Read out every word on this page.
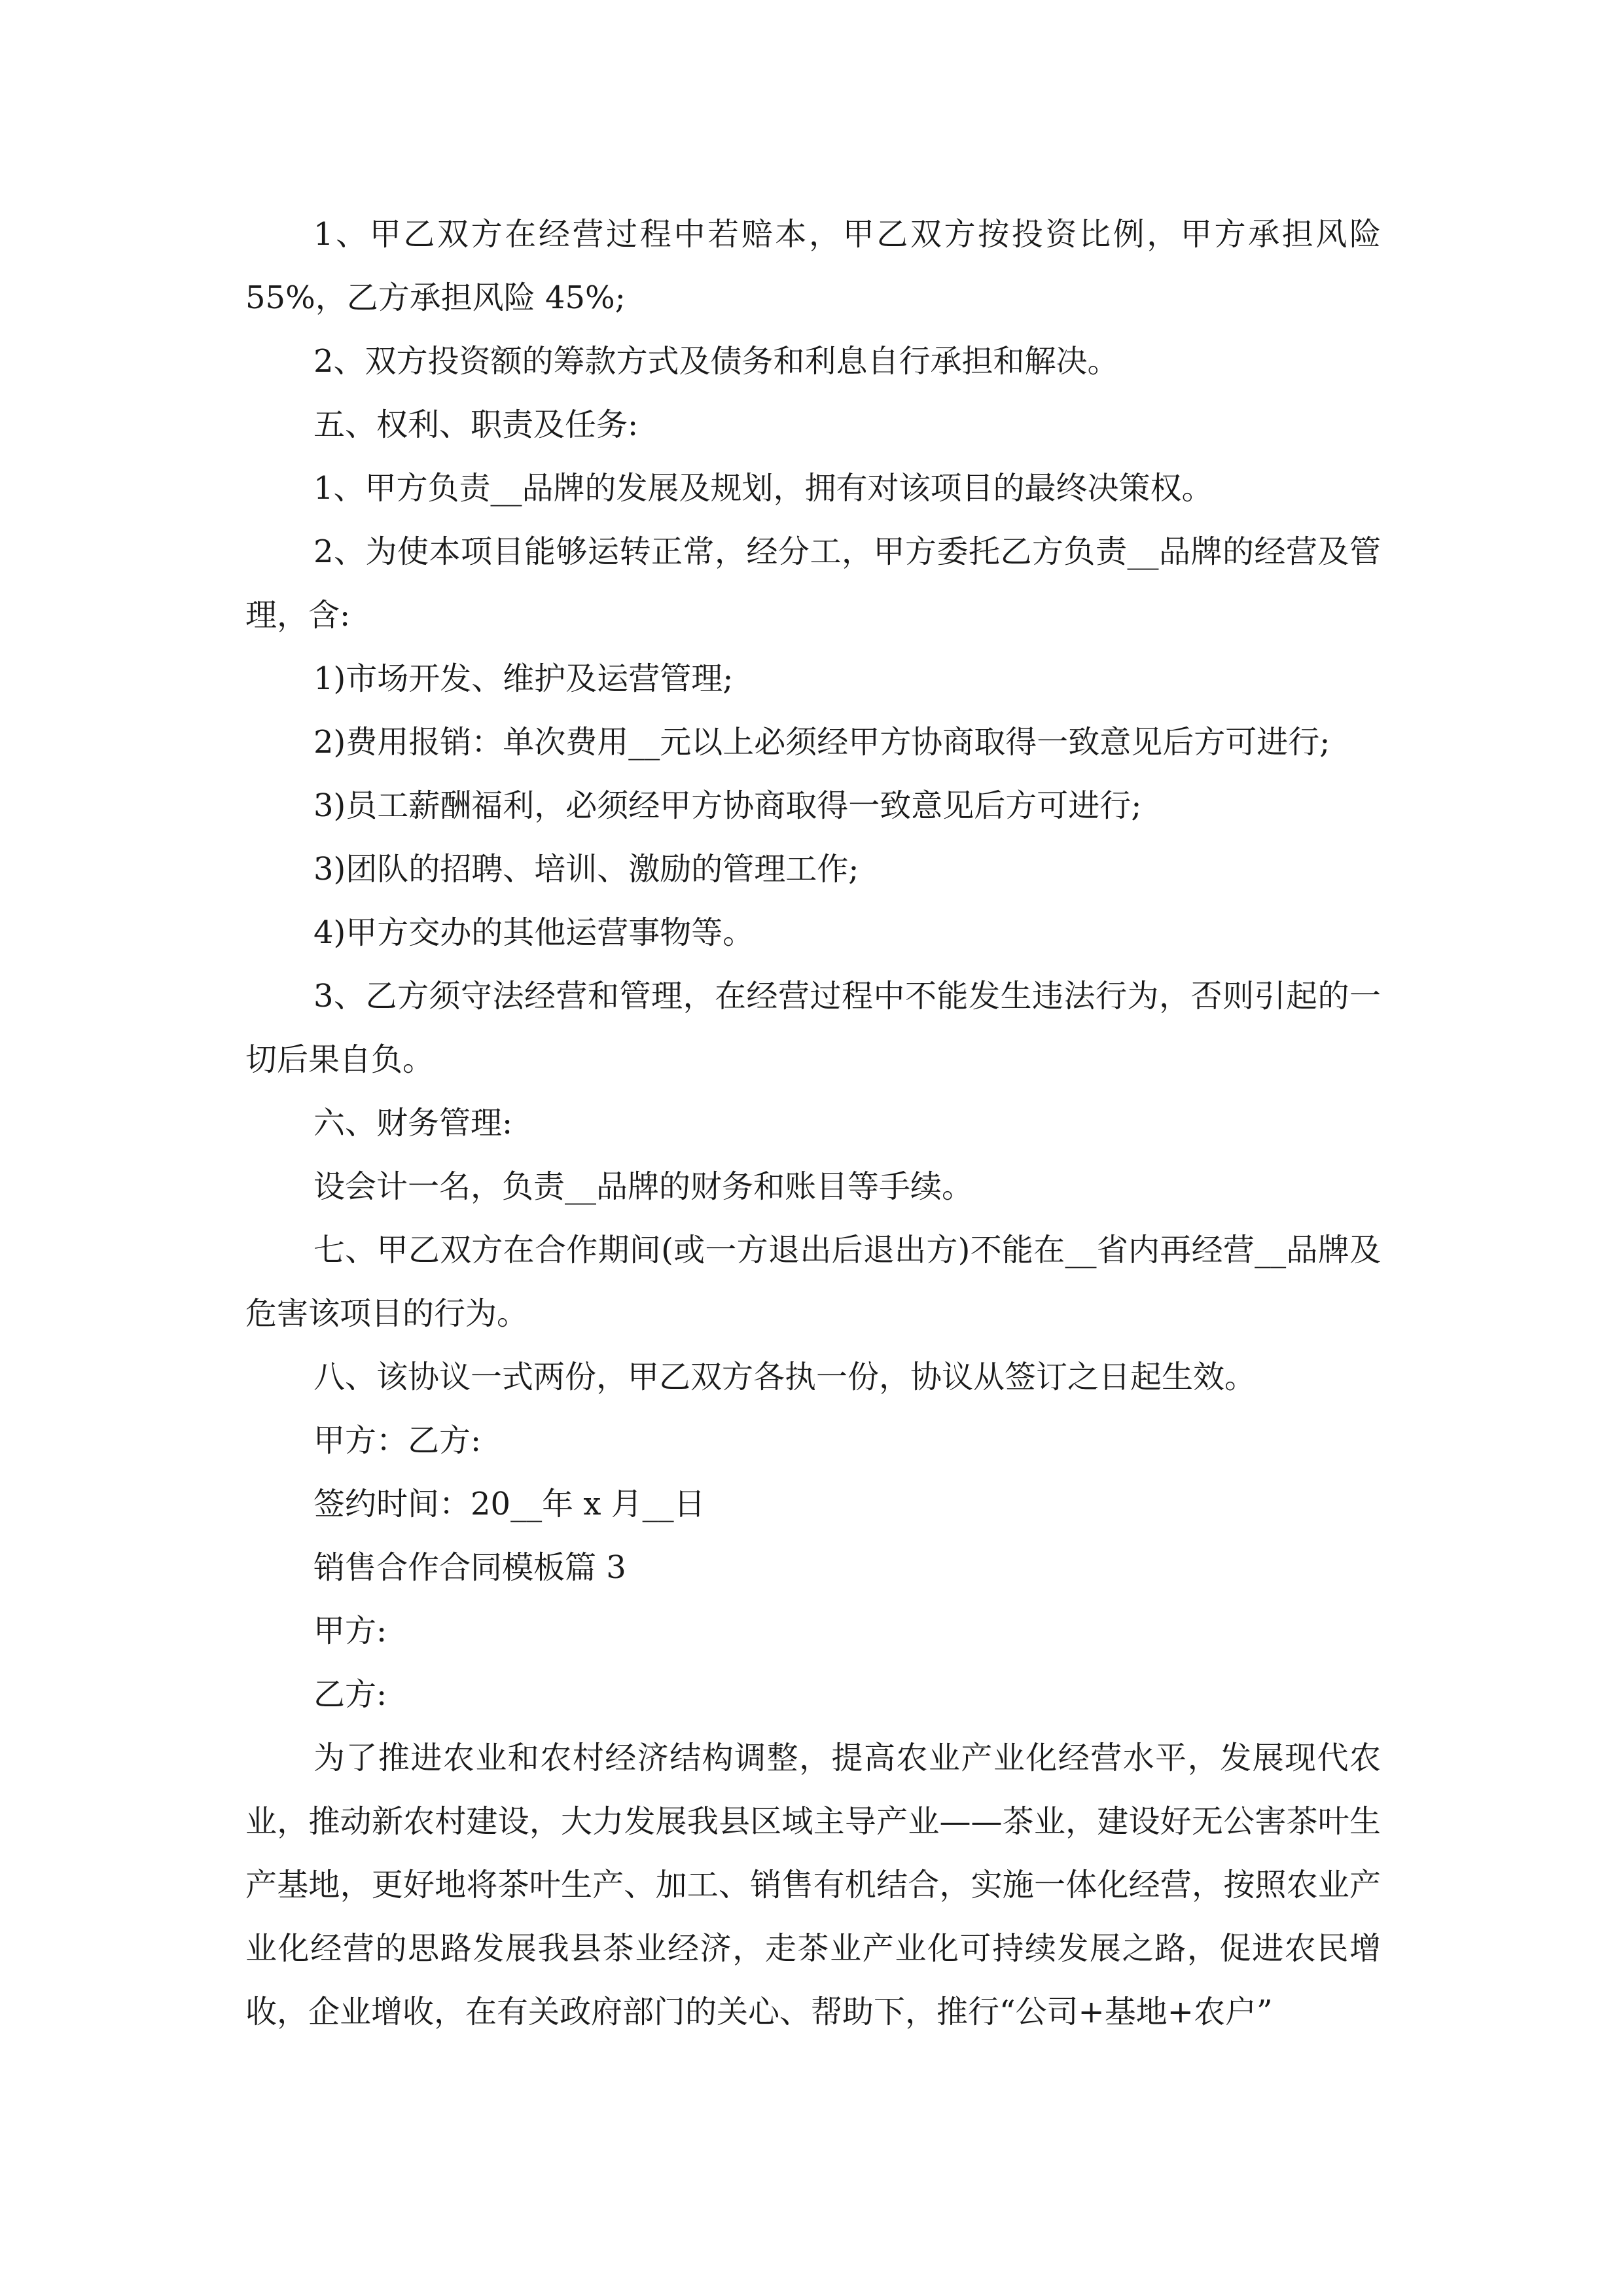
1、甲乙双方在经营过程中若赔本，甲乙双方按投资比例，甲方承担风险55%，乙方承担风险 45%;

2、双方投资额的筹款方式及债务和利息自行承担和解决。

五、权利、职责及任务:

1、甲方负责__品牌的发展及规划，拥有对该项目的最终决策权。

2、为使本项目能够运转正常，经分工，甲方委托乙方负责__品牌的经营及管理，含:

1)市场开发、维护及运营管理;

2)费用报销：单次费用__元以上必须经甲方协商取得一致意见后方可进行;

3)员工薪酬福利，必须经甲方协商取得一致意见后方可进行;

3)团队的招聘、培训、激励的管理工作;

4)甲方交办的其他运营事物等。

3、乙方须守法经营和管理，在经营过程中不能发生违法行为，否则引起的一切后果自负。

六、财务管理:

设会计一名，负责__品牌的财务和账目等手续。

七、甲乙双方在合作期间(或一方退出后退出方)不能在__省内再经营__品牌及危害该项目的行为。

八、该协议一式两份，甲乙双方各执一份，协议从签订之日起生效。

甲方：乙方:

签约时间：20__年 x 月__日

销售合作合同模板篇 3

甲方:

乙方:

为了推进农业和农村经济结构调整，提高农业产业化经营水平，发展现代农业，推动新农村建设，大力发展我县区域主导产业——茶业，建设好无公害茶叶生产基地，更好地将茶叶生产、加工、销售有机结合，实施一体化经营，按照农业产业化经营的思路发展我县茶业经济，走茶业产业化可持续发展之路，促进农民增收，企业增收，在有关政府部门的关心、帮助下，推行“公司+基地+农户”
